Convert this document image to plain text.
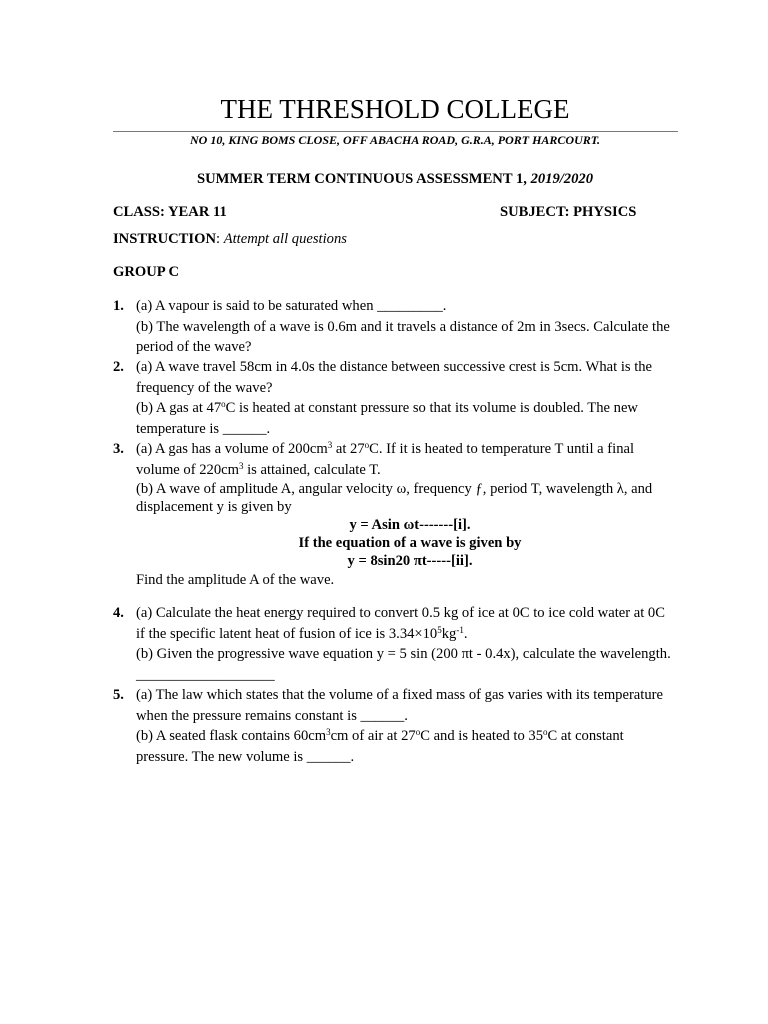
THE THRESHOLD COLLEGE
NO 10, KING BOMS CLOSE, OFF ABACHA ROAD, G.R.A, PORT HARCOURT.
SUMMER TERM CONTINUOUS ASSESSMENT 1, 2019/2020
CLASS: YEAR 11	SUBJECT: PHYSICS
INSTRUCTION: Attempt all questions
GROUP C
1. (a) A vapour is said to be saturated when _________.
(b) The wavelength of a wave is 0.6m and it travels a distance of 2m in 3secs. Calculate the period of the wave?
2. (a) A wave travel 58cm in 4.0s the distance between successive crest is 5cm. What is the frequency of the wave?
(b) A gas at 47$^o$C is heated at constant pressure so that its volume is doubled. The new temperature is ______.
3. (a) A gas has a volume of $200cm^3$ at 27$^o$C. If it is heated to temperature T until a final volume of $220cm^3$ is attained, calculate T.
(b) A wave of amplitude A, angular velocity ω, frequency ƒ, period T, wavelength λ, and displacement y is given by
y = Asin ωt-------[i].
If the equation of a wave is given by
y = 8sin20 πt-----[ii].
Find the amplitude A of the wave.
4. (a) Calculate the heat energy required to convert 0.5 kg of ice at 0C to ice cold water at 0C if the specific latent heat of fusion of ice is $3.34\times 10^5kg^{-1}$.
(b) Given the progressive wave equation y = 5 sin (200 πt - 0.4x), calculate the wavelength. ___________________
5. (a) The law which states that the volume of a fixed mass of gas varies with its temperature when the pressure remains constant is ______.
(b) A seated flask contains $60cm^3cm$ of air at 27$^o$C and is heated to 35$^o$C at constant pressure. The new volume is ______.
